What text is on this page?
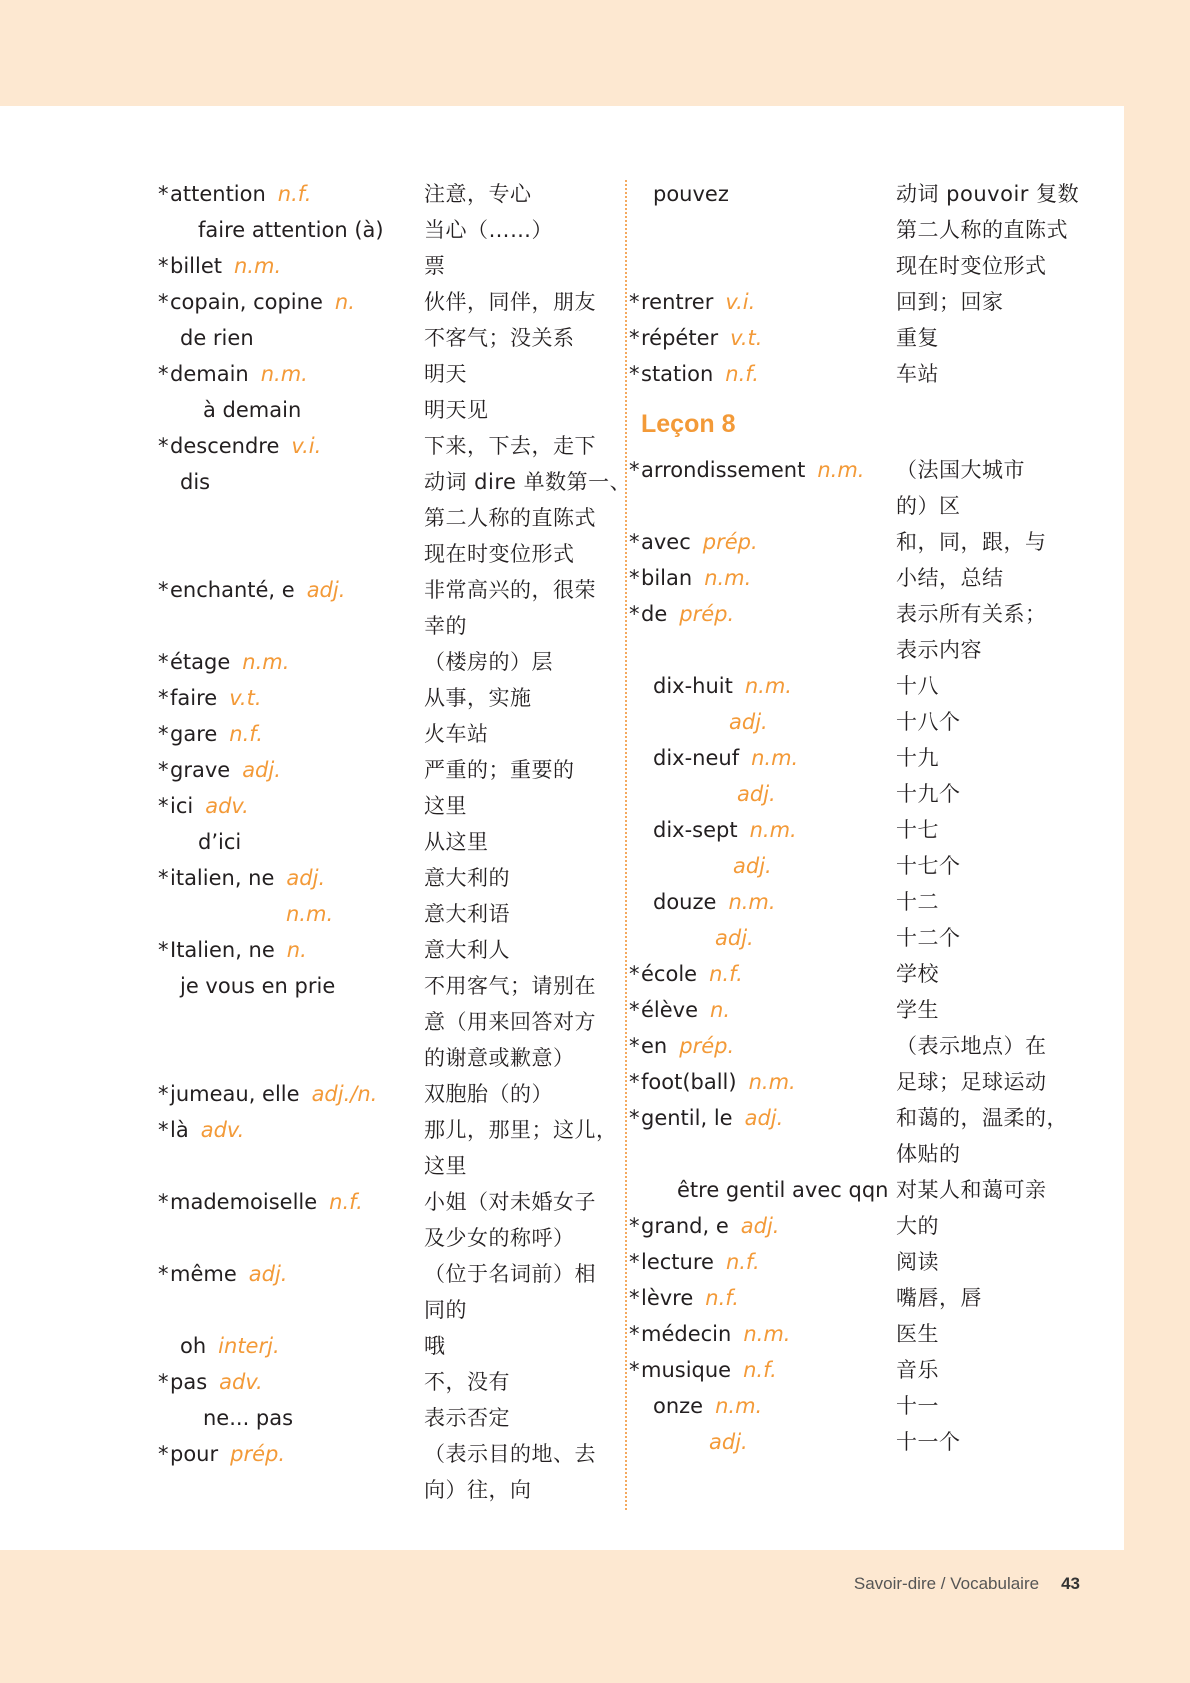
*attention n.f.	注意，专心
faire attention (à)	当心（……）
*billet n.m.	票
*copain, copine n.	伙伴，同伴，朋友
de rien	不客气；没关系
*demain n.m.	明天
à demain	明天见
*descendre v.i.	下来，下去，走下
dis	动词 dire 单数第一、
第二人称的直陈式
现在时变位形式
*enchanté, e adj.	非常高兴的，很荣
幸的
*étage n.m.	（楼房的）层
*faire v.t.	从事，实施
*gare n.f.	火车站
*grave adj.	严重的；重要的
*ici adv.	这里
d’ici	从这里
*italien, ne adj.	意大利的
n.m.	意大利语
*Italien, ne n.	意大利人
je vous en prie	不用客气；请别在
意（用来回答对方
的谢意或歉意）
*jumeau, elle adj./n.	双胞胎（的）
*là adv.	那儿，那里；这儿，
这里
*mademoiselle n.f.	小姐（对未婚女子
及少女的称呼）
*même adj.	（位于名词前）相
同的
oh interj.	哦
*pas adv.	不，没有
ne... pas	表示否定
*pour prép.	（表示目的地、去
向）往，向
pouvez	动词 pouvoir 复数
第二人称的直陈式
现在时变位形式
*rentrer v.i.	回到；回家
*répéter v.t.	重复
*station n.f.	车站
Leçon 8
*arrondissement n.m.	（法国大城市
的）区
*avec prép.	和，同，跟，与
*bilan n.m.	小结，总结
*de prép.	表示所有关系；
表示内容
dix-huit n.m.	十八
adj.	十八个
dix-neuf n.m.	十九
adj.	十九个
dix-sept n.m.	十七
adj.	十七个
douze n.m.	十二
adj.	十二个
*école n.f.	学校
*élève n.	学生
*en prép.	（表示地点）在
*foot(ball) n.m.	足球；足球运动
*gentil, le adj.	和蔼的，温柔的，
体贴的
être gentil avec qqn 对某人和蔼可亲
*grand, e adj.	大的
*lecture n.f.	阅读
*lèvre n.f.	嘴唇，唇
*médecin n.m.	医生
*musique n.f.	音乐
onze n.m.	十一
adj.	十一个
Savoir-dire / Vocabulaire 43
